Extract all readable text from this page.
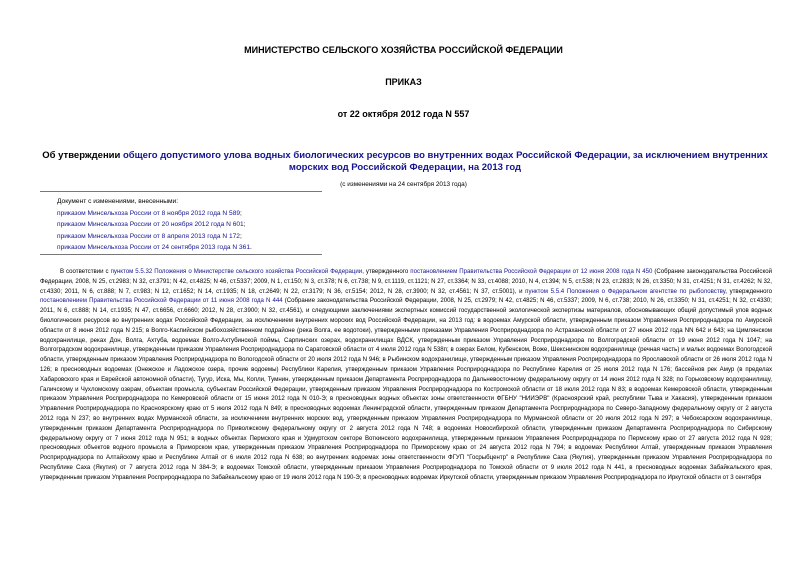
МИНИСТЕРСТВО СЕЛЬСКОГО ХОЗЯЙСТВА РОССИЙСКОЙ ФЕДЕРАЦИИ
ПРИКАЗ
от 22 октября 2012 года N 557
Об утверждении общего допустимого улова водных биологических ресурсов во внутренних водах Российской Федерации, за исключением внутренних морских вод Российской Федерации, на 2013 год
(с изменениями на 24 сентября 2013 года)
Документ с изменениями, внесенными:
приказом Минсельхоза России от 8 ноября 2012 года N 589;
приказом Минсельхоза России от 20 ноября 2012 года N 601;
приказом Минсельхоза России от 8 апреля 2013 года N 172;
приказом Минсельхоза России от 24 сентября 2013 года N 361.

В соответствии с пунктом 5.5.32 Положения о Министерстве сельского хозяйства Российской Федерации, утвержденного постановлением Правительства Российской Федерации от 12 июня 2008 года N 450 (Собрание законодательства Российской Федерации, 2008, N 25, ст.2983; N 32, ст.3791; N 42, ст.4825; N 46, ст.5337; 2009, N 1, ст.150; N 3, ст.378; N 6, ст.738; N 9, ст.1119, ст.1121; N 27, ст.3364; N 33, ст.4088; 2010, N 4, ст.394; N 5, ст.538; N 23, ст.2833; N 26, ст.3350; N 31, ст.4251; N 31, ст.4262; N 32, ст.4330; 2011, N 6, ст.888; N 7, ст.983; N 12, ст.1652; N 14, ст.1935; N 18, ст.2649; N 22, ст.3179; N 36, ст.5154; 2012, N 28, ст.3900; N 32, ст.4561; N 37, ст.5001), и пунктом 5.5.4 Положения о Федеральном агентстве по рыболовству, утвержденного постановлением Правительства Российской Федерации от 11 июня 2008 года N 444 (Собрание законодательства Российской Федерации, 2008, N 25, ст.2979; N 42, ст.4825; N 46, ст.5337; 2009, N 6, ст.738; 2010, N 26, ст.3350; N 31, ст.4251; N 32, ст.4330; 2011, N 6, ст.888; N 14, ст.1935; N 47, ст.6656, ст.6660; 2012, N 28, ст.3900; N 32, ст.4561), и следующими заключениями экспертных комиссий государственной экологической экспертизы материалов, обосновывающих общий допустимый улов водных биологических ресурсов во внутренних водах Российской Федерации, за исключением внутренних морских вод Российской Федерации, на 2013 год: в водоемах Амурской области, утвержденным приказом Управления Росприроднадзора по Амурской области от 8 июня 2012 года N 215; в Волго-Каспийском рыбохозяйственном подрайоне (река Волга, ее водотоки), утвержденными приказами Управления Росприроднадзора по Астраханской области от 27 июня 2012 года NN 642 и 643; на Цимлянском водохранилище, реках Дон, Волга, Ахтуба, водоемах Волго-Ахтубинской поймы, Сарпинских озерах, водохранилищах ВДСК, утвержденным приказом Управления Росприроднадзора по Волгоградской области от 19 июня 2012 года N 1047; на Волгоградском водохранилище, утвержденным приказом Управления Росприроднадзора по Саратовской области от 4 июля 2012 года N 538п; в озерах Белом, Кубенском, Воже, Шекснинском водохранилище (речная часть) и малых водоемах Вологодской области, утвержденным приказом Управления Росприроднадзора по Вологодской области от 20 июля 2012 года N 946; в Рыбинском водохранилище, утвержденным приказом Управления Росприроднадзора по Ярославской области от 26 июля 2012 года N 126; в пресноводных водоемах (Онежское и Ладожское озера, прочие водоемы) Республики Карелия, утвержденным приказом Управления Росприроднадзора по Республике Карелия от 25 июля 2012 года N 176; бассейнов рек Амур (в пределах Хабаровского края и Еврейской автономной области), Тугур, Иска, Мы, Копли, Тумнин, утвержденным приказом Департамента Росприроднадзора по Дальневосточному федеральному округу от 14 июня 2012 года N 328; по Горьковскому водохранилищу, Галичскому и Чухломскому озерам, объектам промысла, субъектам Российской Федерации, утвержденным приказом Управления Росприроднадзора по Костромской области от 18 июля 2012 года N 83; в водоемах Кемеровской области, утвержденным приказом Управления Росприроднадзора по Кемеровской области от 15 июня 2012 года N 010-Э; в пресноводных водных объектах зоны ответственности ФГБНУ "НИИЭРВ" (Красноярский край, республики Тыва и Хакасия), утвержденным приказом Управления Росприроднадзора по Красноярскому краю от 5 июля 2012 года N 849; в пресноводных водоемах Ленинградской области, утвержденным приказом Департамента Росприроднадзора по Северо-Западному федеральному округу от 2 августа 2012 года N 237; во внутренних водах Мурманской области, за исключением внутренних морских вод, утвержденным приказом Управления Росприроднадзора по Мурманской области от 20 июля 2012 года N 297; в Чебоксарском водохранилище, утвержденным приказом Департамента Росприроднадзора по Приволжскому федеральному округу от 2 августа 2012 года N 748; в водоемах Новосибирской области, утвержденным приказом Департамента Росприроднадзора по Сибирскому федеральному округу от 7 июня 2012 года N 951; в водных объектах Пермского края и Удмуртском секторе Воткинского водохранилища, утвержденным приказом Управления Росприроднадзора по Пермскому краю от 27 августа 2012 года N 928; пресноводных объектов водного промысла в Приморском крае, утвержденным приказом Управления Росприроднадзора по Приморскому краю от 24 августа 2012 года N 794; в водоемах Республики Алтай, утвержденным приказом Управления Росприроднадзора по Алтайскому краю и Республике Алтай от 6 июля 2012 года N 638; во внутренних водоемах зоны ответственности ФГУП "Госрыбцентр" в Республике Саха (Якутия), утвержденным приказом Управления Росприроднадзора по Республике Саха (Якутия) от 7 августа 2012 года N 384-Э; в водоемах Томской области, утвержденным приказом Управления Росприроднадзора по Томской области от 9 июля 2012 года N 441, в пресноводных водоемах Забайкальского края, утвержденным приказом Управления Росприроднадзора по Забайкальскому краю от 19 июля 2012 года N 190-Э; в пресноводных водоемах Иркутской области, утвержденным приказом Управления Росприроднадзора по Иркутской области от 3 сентября
